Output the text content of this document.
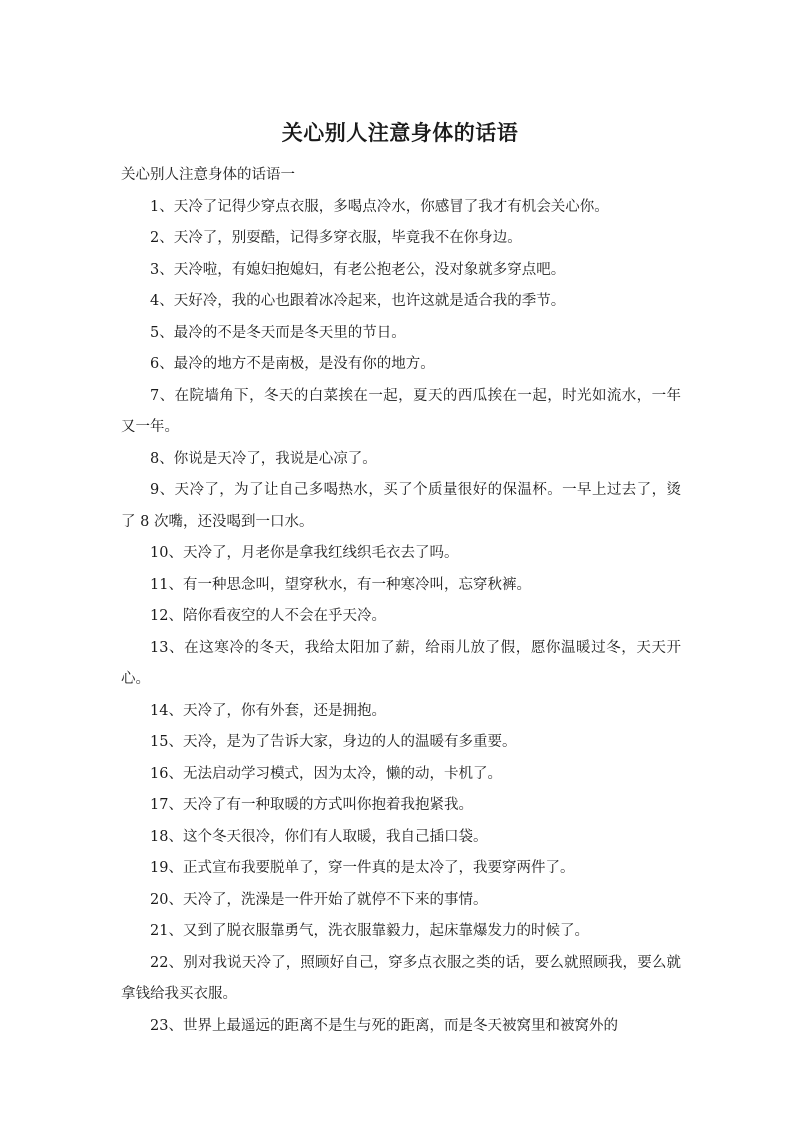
关心别人注意身体的话语

关心别人注意身体的话语一

1、天冷了记得少穿点衣服，多喝点冷水，你感冒了我才有机会关心你。

2、天冷了，别耍酷，记得多穿衣服，毕竟我不在你身边。

3、天冷啦，有媳妇抱媳妇，有老公抱老公，没对象就多穿点吧。

4、天好冷，我的心也跟着冰冷起来，也许这就是适合我的季节。

5、最冷的不是冬天而是冬天里的节日。

6、最冷的地方不是南极，是没有你的地方。

7、在院墙角下，冬天的白菜挨在一起，夏天的西瓜挨在一起，时光如流水，一年又一年。

8、你说是天冷了，我说是心凉了。

9、天冷了，为了让自己多喝热水，买了个质量很好的保温杯。一早上过去了，烫了 8 次嘴，还没喝到一口水。

10、天冷了，月老你是拿我红线织毛衣去了吗。

11、有一种思念叫，望穿秋水，有一种寒冷叫，忘穿秋裤。

12、陪你看夜空的人不会在乎天冷。

13、在这寒冷的冬天，我给太阳加了薪，给雨儿放了假，愿你温暖过冬，天天开心。

14、天冷了，你有外套，还是拥抱。

15、天冷，是为了告诉大家，身边的人的温暖有多重要。

16、无法启动学习模式，因为太冷，懒的动，卡机了。

17、天冷了有一种取暖的方式叫你抱着我抱紧我。

18、这个冬天很冷，你们有人取暖，我自己插口袋。

19、正式宣布我要脱单了，穿一件真的是太冷了，我要穿两件了。

20、天冷了，洗澡是一件开始了就停不下来的事情。

21、又到了脱衣服靠勇气，洗衣服靠毅力，起床靠爆发力的时候了。

22、别对我说天冷了，照顾好自己，穿多点衣服之类的话，要么就照顾我，要么就拿钱给我买衣服。

23、世界上最遥远的距离不是生与死的距离，而是冬天被窝里和被窝外的
